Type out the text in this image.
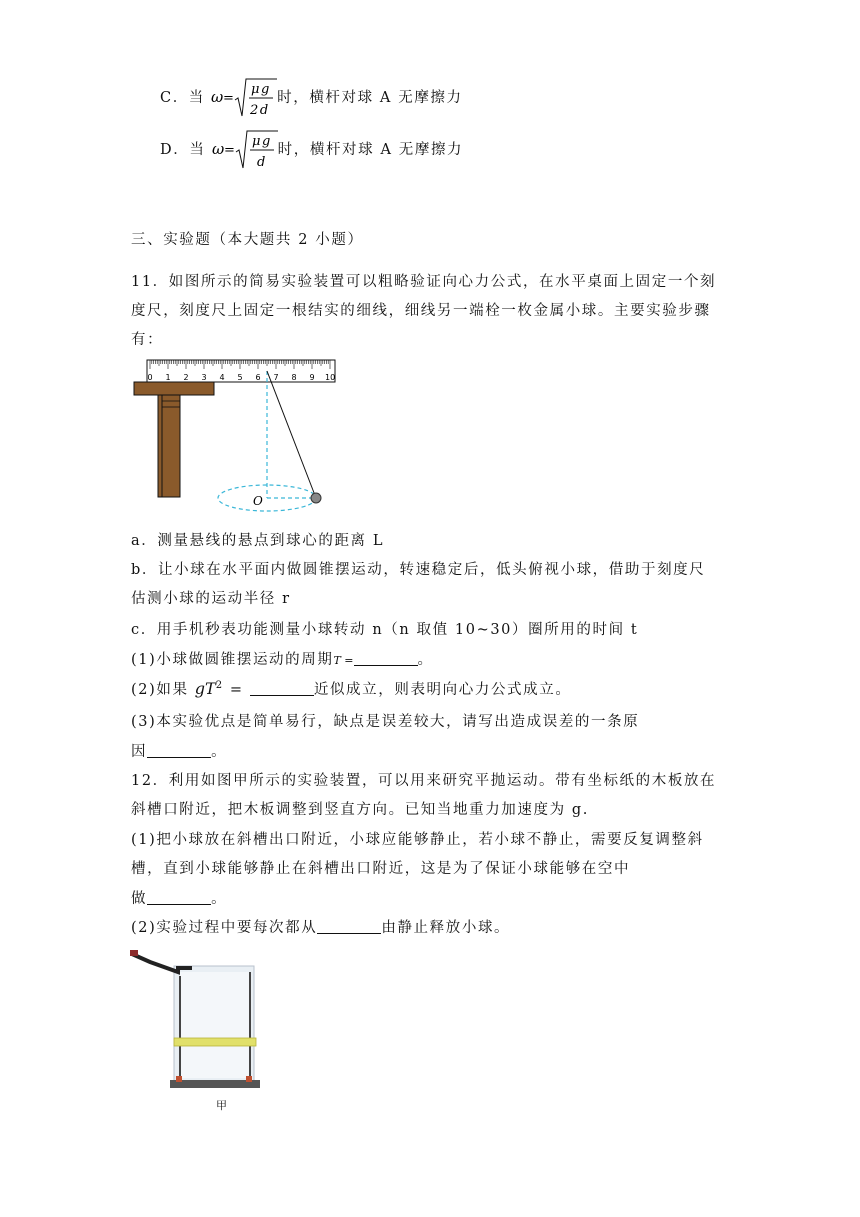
C．当 ω
=
μg
2d
时，横杆对球 A 无摩擦力
D．当 ω
=
μg
d
时，横杆对球 A 无摩擦力
三、实验题（本大题共 2 小题）
11．如图所示的简易实验装置可以粗略验证向心力公式，在水平桌面上固定一个刻
度尺，刻度尺上固定一根结实的细线，细线另一端栓一枚金属小球。主要实验步骤
有：
0 1 2 3 4 5 6 7 8 9 10
O
a．测量悬线的悬点到球心的距离 L
b．让小球在水平面内做圆锥摆运动，转速稳定后，低头俯视小球，借助于刻度尺
估测小球的运动半径 r
c．用手机秒表功能测量小球转动 n（n 取值 10~30）圈所用的时间 t
(1)小球做圆锥摆运动的周期T =	。
(2)如果 $gT^2$ =	近似成立，则表明向心力公式成立。
(3)本实验优点是简单易行，缺点是误差较大，请写出造成误差的一条原
因	。
12．利用如图甲所示的实验装置，可以用来研究平抛运动。带有坐标纸的木板放在
斜槽口附近，把木板调整到竖直方向。已知当地重力加速度为 g.
(1)把小球放在斜槽出口附近，小球应能够静止，若小球不静止，需要反复调整斜
槽，直到小球能够静止在斜槽出口附近，这是为了保证小球能够在空中
做	。
(2)实验过程中要每次都从	由静止释放小球。
甲
